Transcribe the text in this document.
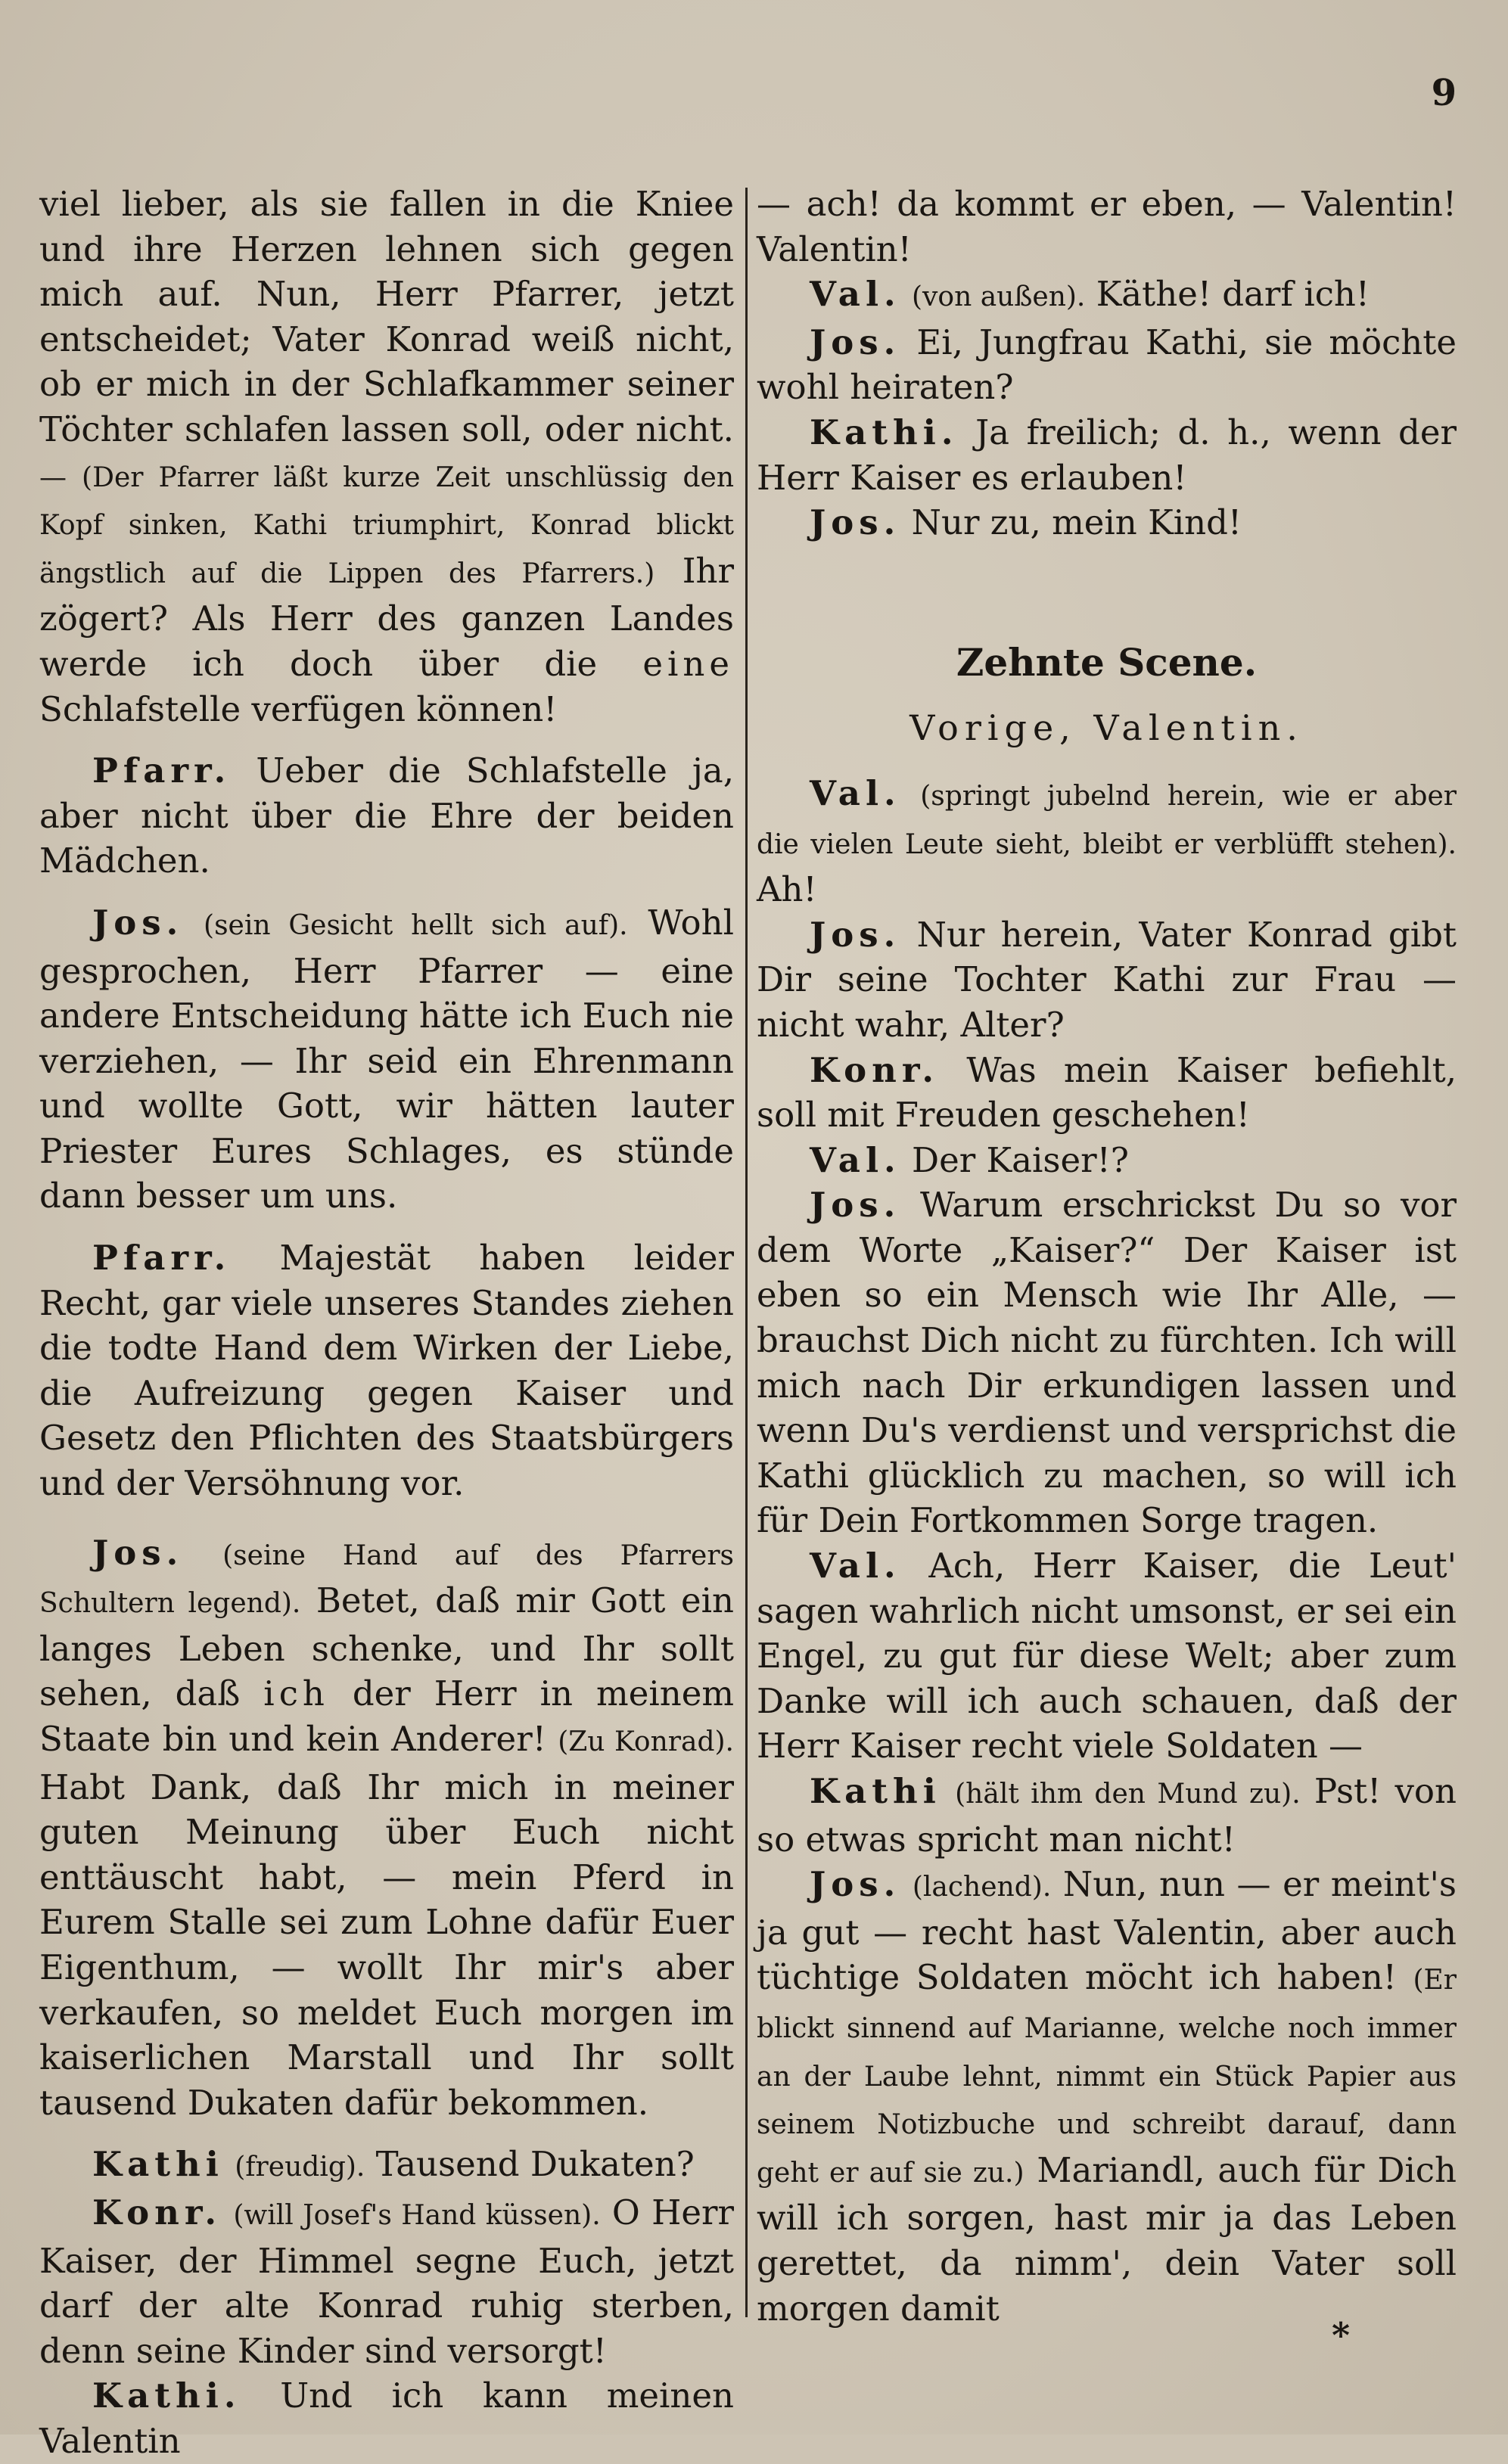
9

viel lieber, als sie fallen in die Kniee und ihre Herzen lehnen sich gegen mich auf. Nun, Herr Pfarrer, jetzt entscheidet; Vater Konrad weiß nicht, ob er mich in der Schlafkammer seiner Töchter schlafen lassen soll, oder nicht. — (Der Pfarrer läßt kurze Zeit unschlüssig den Kopf sinken, Kathi triumphirt, Konrad blickt ängstlich auf die Lippen des Pfarrers.) Ihr zögert? Als Herr des ganzen Landes werde ich doch über die eine Schlafstelle verfügen können!

Pfarr. Ueber die Schlafstelle ja, aber nicht über die Ehre der beiden Mädchen.

Jos. (sein Gesicht hellt sich auf). Wohl gesprochen, Herr Pfarrer — eine andere Entscheidung hätte ich Euch nie verziehen, — Ihr seid ein Ehrenmann und wollte Gott, wir hätten lauter Priester Eures Schlages, es stünde dann besser um uns.

Pfarr. Majestät haben leider Recht, gar viele unseres Standes ziehen die todte Hand dem Wirken der Liebe, die Aufreizung gegen Kaiser und Gesetz den Pflichten des Staatsbürgers und der Versöhnung vor.

Jos. (seine Hand auf des Pfarrers Schultern legend). Betet, daß mir Gott ein langes Leben schenke, und Ihr sollt sehen, daß ich der Herr in meinem Staate bin und kein Anderer! (Zu Konrad). Habt Dank, daß Ihr mich in meiner guten Meinung über Euch nicht enttäuscht habt, — mein Pferd in Eurem Stalle sei zum Lohne dafür Euer Eigenthum, — wollt Ihr mir's aber verkaufen, so meldet Euch morgen im kaiserlichen Marstall und Ihr sollt tausend Dukaten dafür bekommen.

Kathi (freudig). Tausend Dukaten?

Konr. (will Josef's Hand küssen). O Herr Kaiser, der Himmel segne Euch, jetzt darf der alte Konrad ruhig sterben, denn seine Kinder sind versorgt!

Kathi. Und ich kann meinen Valentin

— ach! da kommt er eben, — Valentin! Valentin!

Val. (von außen). Käthe! darf ich!

Jos. Ei, Jungfrau Kathi, sie möchte wohl heiraten?

Kathi. Ja freilich; d. h., wenn der Herr Kaiser es erlauben!

Jos. Nur zu, mein Kind!

Zehnte Scene.
Vorige, Valentin.

Val. (springt jubelnd herein, wie er aber die vielen Leute sieht, bleibt er verblüfft stehen). Ah!

Jos. Nur herein, Vater Konrad gibt Dir seine Tochter Kathi zur Frau — nicht wahr, Alter?

Konr. Was mein Kaiser befiehlt, soll mit Freuden geschehen!

Val. Der Kaiser!?

Jos. Warum erschrickst Du so vor dem Worte „Kaiser?“ Der Kaiser ist eben so ein Mensch wie Ihr Alle, — brauchst Dich nicht zu fürchten. Ich will mich nach Dir erkundigen lassen und wenn Du's verdienst und versprichst die Kathi glücklich zu machen, so will ich für Dein Fortkommen Sorge tragen.

Val. Ach, Herr Kaiser, die Leut' sagen wahrlich nicht umsonst, er sei ein Engel, zu gut für diese Welt; aber zum Danke will ich auch schauen, daß der Herr Kaiser recht viele Soldaten —

Kathi (hält ihm den Mund zu). Pst! von so etwas spricht man nicht!

Jos. (lachend). Nun, nun — er meint's ja gut — recht hast Valentin, aber auch tüchtige Soldaten möcht ich haben! (Er blickt sinnend auf Marianne, welche noch immer an der Laube lehnt, nimmt ein Stück Papier aus seinem Notizbuche und schreibt darauf, dann geht er auf sie zu.) Mariandl, auch für Dich will ich sorgen, hast mir ja das Leben gerettet, da nimm', dein Vater soll morgen damit

*
